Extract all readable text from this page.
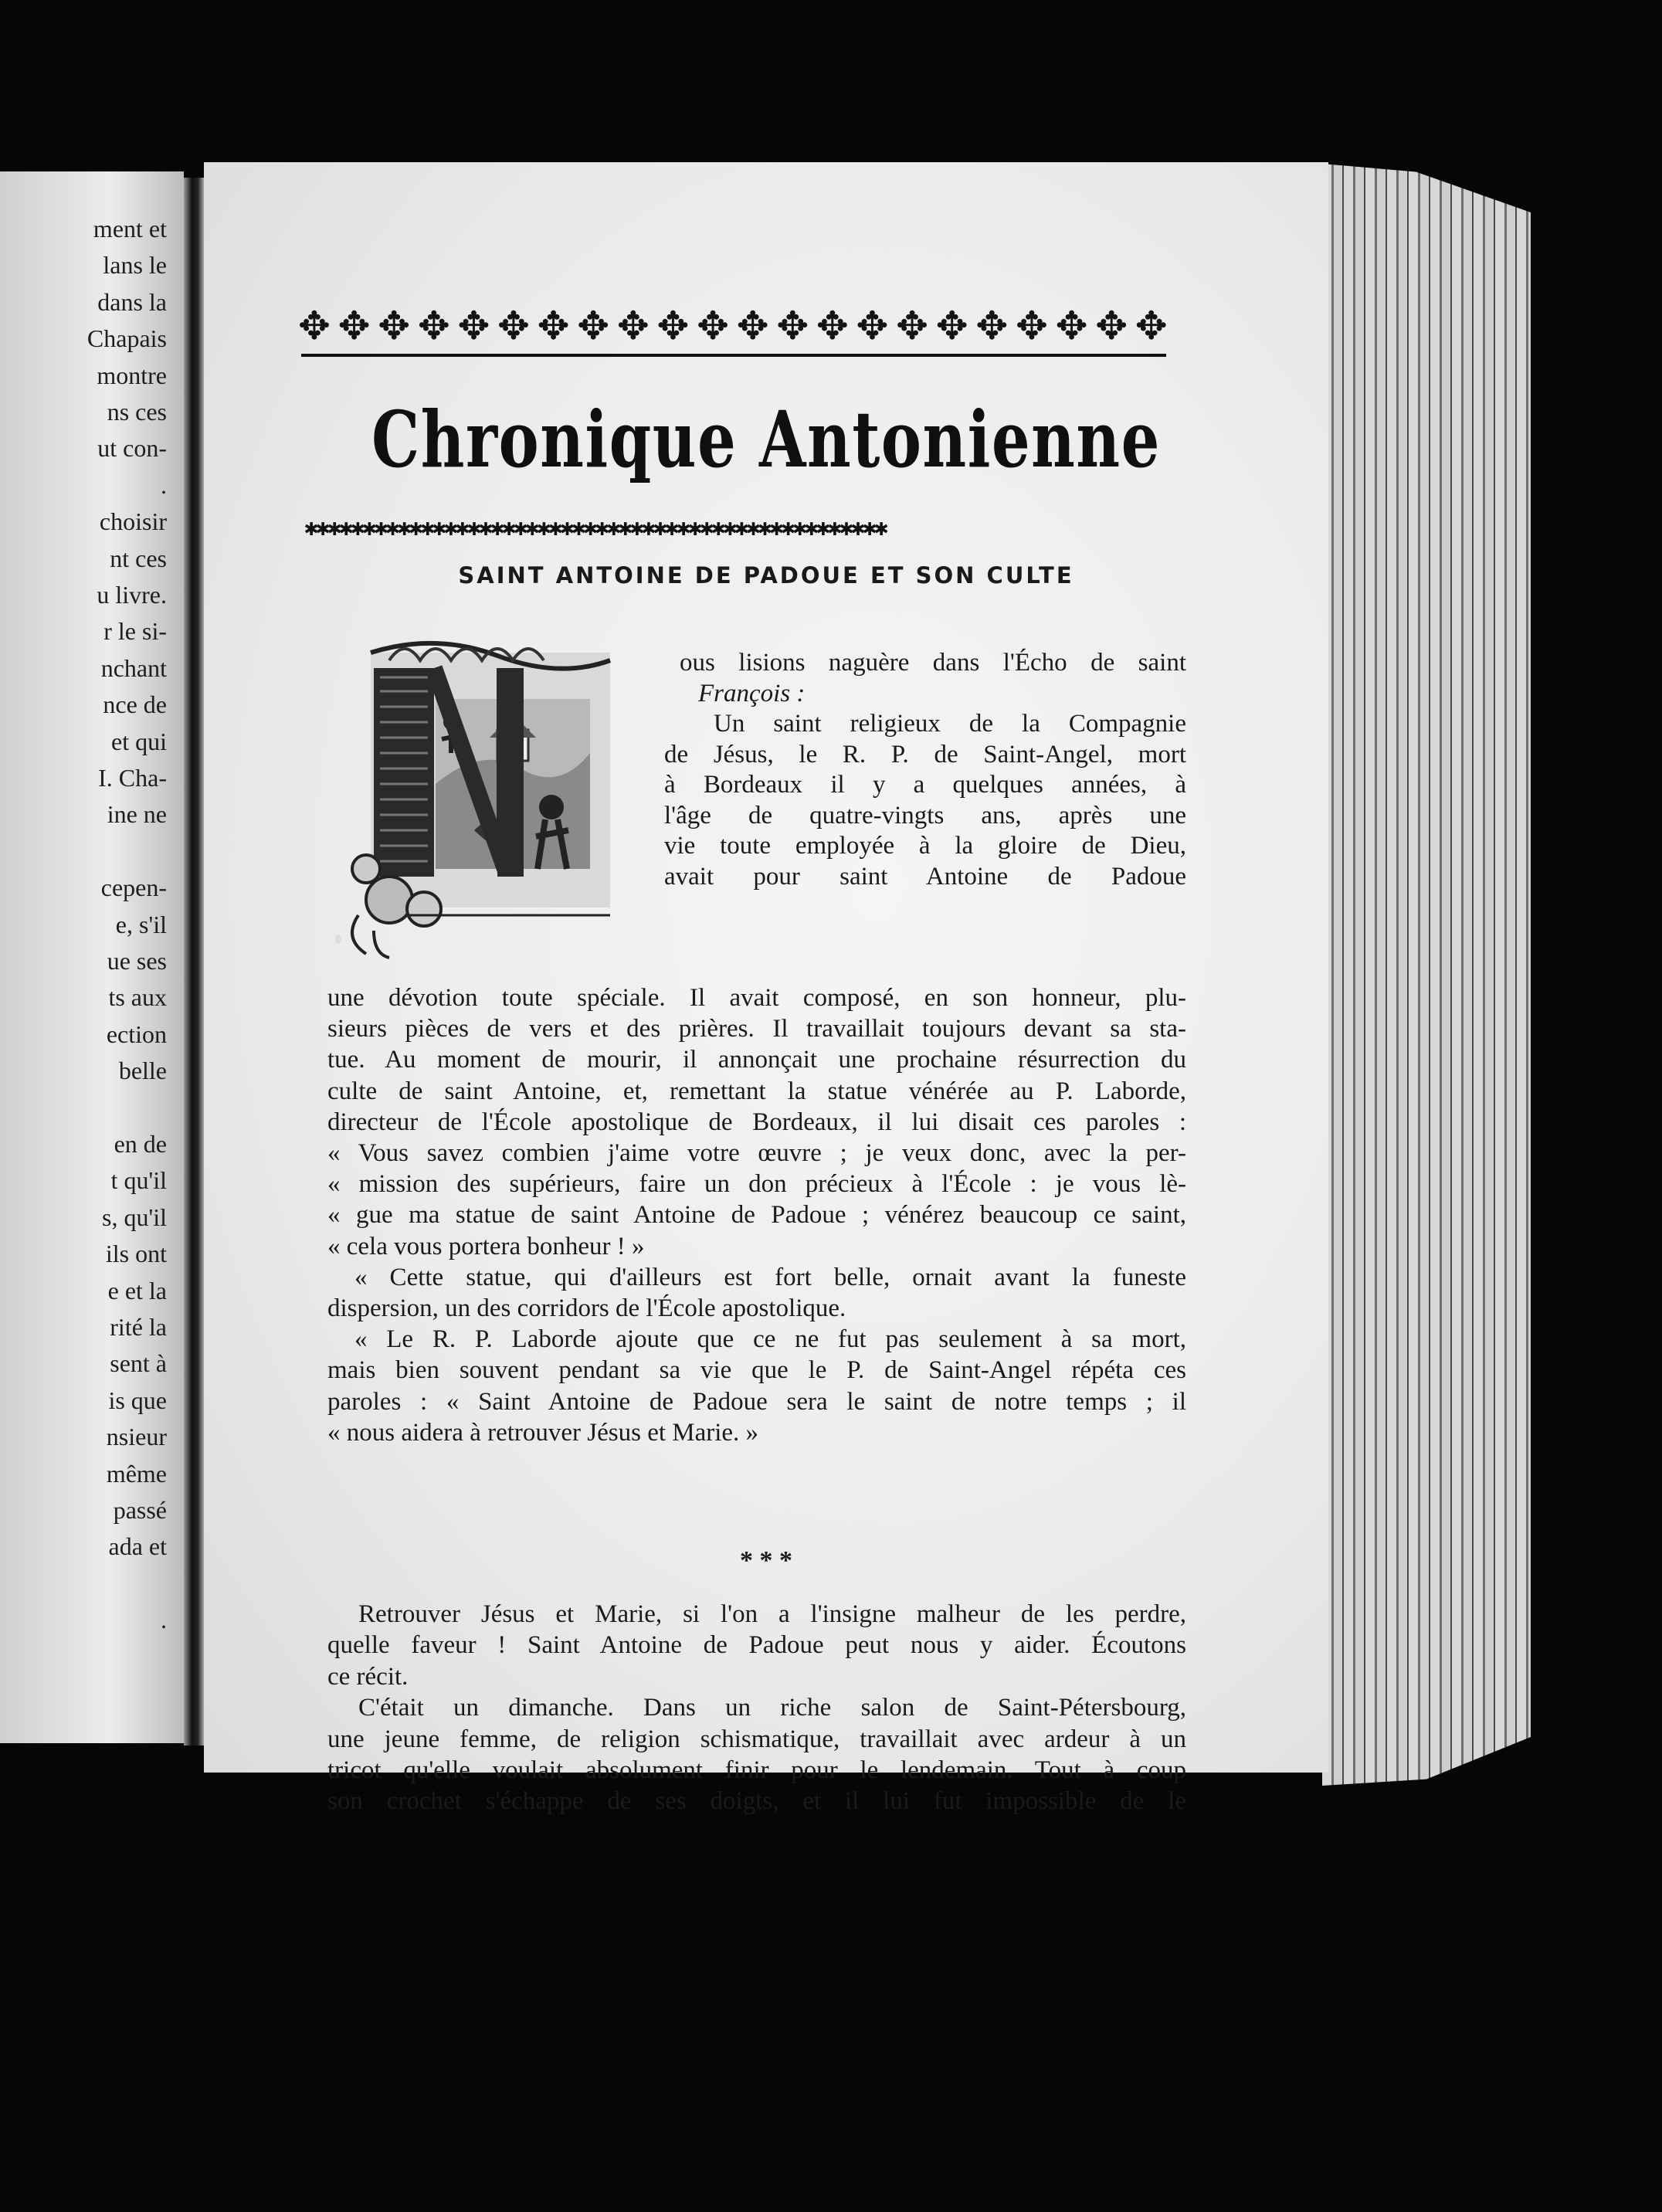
ment et
lans le
dans la
Chapais
montre
ns ces
ut con-
.
choisir
nt ces
u livre.
r le si-
nchant
nce de
et qui
I. Cha-
ine ne
cepen-
e, s'il
ue ses
ts aux
ection
belle
en de
t qu'il
s, qu'il
ils ont
e et la
rité la
sent à
is que
nsieur
même
passé
ada et
.
✥ ✥ ✥ ✥ ✥ ✥ ✥ ✥ ✥ ✥ ✥ ✥ ✥ ✥ ✥ ✥ ✥ ✥ ✥ ✥ ✥ ✥
Chronique Antonienne
✱✱✱✱✱✱✱✱✱✱✱✱✱✱✱✱✱✱✱✱✱✱✱✱✱✱✱✱✱✱✱✱✱✱✱✱✱✱✱✱✱✱✱✱✱✱✱✱✱✱
SAINT ANTOINE DE PADOUE ET SON CULTE
ous lisions naguère dans l'Écho de saint
François :
Un saint religieux de la Compagnie
de Jésus, le R. P. de Saint-Angel, mort
à Bordeaux il y a quelques années, à
l'âge de quatre-vingts ans, après une
vie toute employée à la gloire de Dieu,
avait pour saint Antoine de Padoue
une dévotion toute spéciale. Il avait composé, en son honneur, plu-
sieurs pièces de vers et des prières. Il travaillait toujours devant sa sta-
tue. Au moment de mourir, il annonçait une prochaine résurrection du
culte de saint Antoine, et, remettant la statue vénérée au P. Laborde,
directeur de l'École apostolique de Bordeaux, il lui disait ces paroles :
« Vous savez combien j'aime votre œuvre ; je veux donc, avec la per-
« mission des supérieurs, faire un don précieux à l'École : je vous lè-
« gue ma statue de saint Antoine de Padoue ; vénérez beaucoup ce saint,
« cela vous portera bonheur ! »
« Cette statue, qui d'ailleurs est fort belle, ornait avant la funeste
dispersion, un des corridors de l'École apostolique.
« Le R. P. Laborde ajoute que ce ne fut pas seulement à sa mort,
mais bien souvent pendant sa vie que le P. de Saint-Angel répéta ces
paroles : « Saint Antoine de Padoue sera le saint de notre temps ; il
« nous aidera à retrouver Jésus et Marie. »
* * *
Retrouver Jésus et Marie, si l'on a l'insigne malheur de les perdre,
quelle faveur ! Saint Antoine de Padoue peut nous y aider. Écoutons
ce récit.
C'était un dimanche. Dans un riche salon de Saint-Pétersbourg,
une jeune femme, de religion schismatique, travaillait avec ardeur à un
tricot qu'elle voulait absolument finir pour le lendemain. Tout à coup
son crochet s'échappe de ses doigts, et il lui fut impossible de le
